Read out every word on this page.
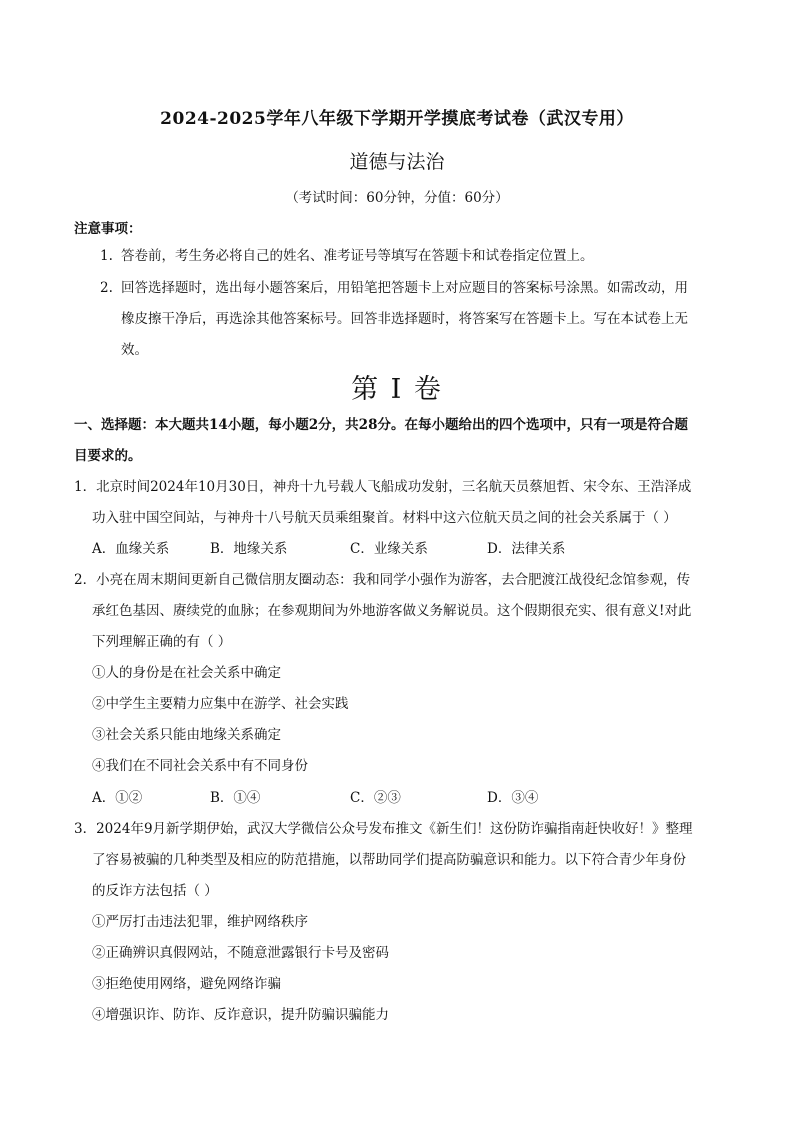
2024-2025学年八年级下学期开学摸底考试卷（武汉专用）
道德与法治
（考试时间：60分钟，分值：60分）
注意事项：
1. 答卷前，考生务必将自己的姓名、准考证号等填写在答题卡和试卷指定位置上。
2. 回答选择题时，选出每小题答案后，用铅笔把答题卡上对应题目的答案标号涂黑。如需改动，用
橡皮擦干净后，再选涂其他答案标号。回答非选择题时，将答案写在答题卡上。写在本试卷上无
效。
第 I 卷
一、选择题：本大题共14小题，每小题2分，共28分。在每小题给出的四个选项中，只有一项是符合题
目要求的。
1．北京时间2024年10月30日，神舟十九号载人飞船成功发射，三名航天员蔡旭哲、宋令东、王浩泽成
功入驻中国空间站，与神舟十八号航天员乘组聚首。材料中这六位航天员之间的社会关系属于（ ）
A．血缘关系	B．地缘关系	C．业缘关系	D．法律关系
2．小亮在周末期间更新自己微信朋友圈动态：我和同学小强作为游客，去合肥渡江战役纪念馆参观，传
承红色基因、赓续党的血脉；在参观期间为外地游客做义务解说员。这个假期很充实、很有意义!对此
下列理解正确的有（ ）
①人的身份是在社会关系中确定
②中学生主要精力应集中在游学、社会实践
③社会关系只能由地缘关系确定
④我们在不同社会关系中有不同身份
A．①②	B．①④	C．②③	D．③④
3．2024年9月新学期伊始，武汉大学微信公众号发布推文《新生们！这份防诈骗指南赶快收好！》整理
了容易被骗的几种类型及相应的防范措施，以帮助同学们提高防骗意识和能力。以下符合青少年身份
的反诈方法包括（ ）
①严厉打击违法犯罪，维护网络秩序
②正确辨识真假网站，不随意泄露银行卡号及密码
③拒绝使用网络，避免网络诈骗
④增强识诈、防诈、反诈意识，提升防骗识骗能力
